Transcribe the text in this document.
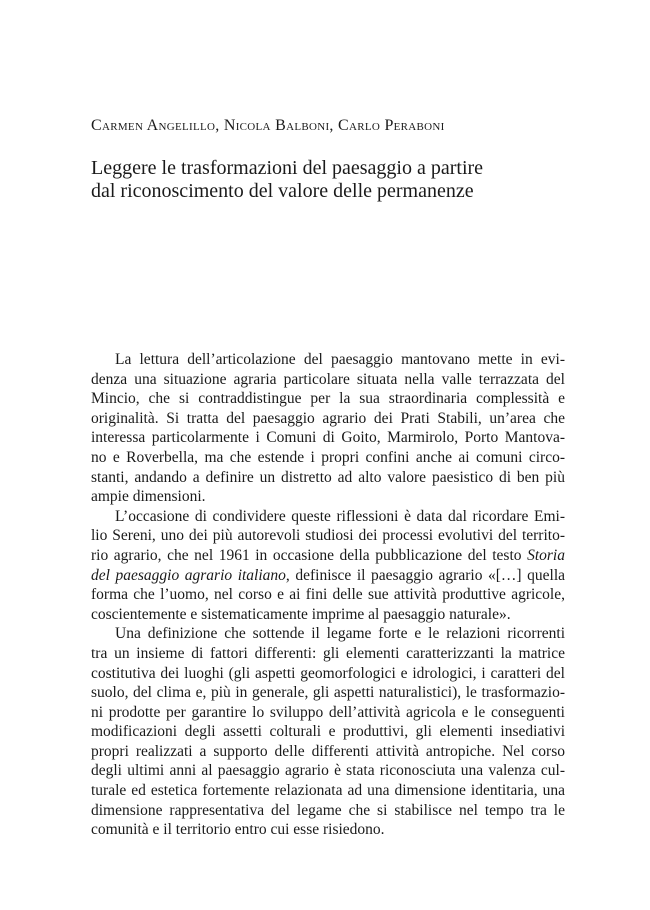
Carmen Angelillo, Nicola Balboni, Carlo Peraboni
Leggere le trasformazioni del paesaggio a partire
dal riconoscimento del valore delle permanenze
La lettura dell’articolazione del paesaggio mantovano mette in evi-
denza una situazione agraria particolare situata nella valle terrazzata del
Mincio, che si contraddistingue per la sua straordinaria complessità e
originalità. Si tratta del paesaggio agrario dei Prati Stabili, un’area che
interessa particolarmente i Comuni di Goito, Marmirolo, Porto Mantova-
no e Roverbella, ma che estende i propri confini anche ai comuni circo-
stanti, andando a definire un distretto ad alto valore paesistico di ben più
ampie dimensioni.
L’occasione di condividere queste riflessioni è data dal ricordare Emi-
lio Sereni, uno dei più autorevoli studiosi dei processi evolutivi del territo-
rio agrario, che nel 1961 in occasione della pubblicazione del testo Storia
del paesaggio agrario italiano, definisce il paesaggio agrario «[…] quella
forma che l’uomo, nel corso e ai fini delle sue attività produttive agricole,
coscientemente e sistematicamente imprime al paesaggio naturale».
Una definizione che sottende il legame forte e le relazioni ricorrenti
tra un insieme di fattori differenti: gli elementi caratterizzanti la matrice
costitutiva dei luoghi (gli aspetti geomorfologici e idrologici, i caratteri del
suolo, del clima e, più in generale, gli aspetti naturalistici), le trasformazio-
ni prodotte per garantire lo sviluppo dell’attività agricola e le conseguenti
modificazioni degli assetti colturali e produttivi, gli elementi insediativi
propri realizzati a supporto delle differenti attività antropiche. Nel corso
degli ultimi anni al paesaggio agrario è stata riconosciuta una valenza cul-
turale ed estetica fortemente relazionata ad una dimensione identitaria, una
dimensione rappresentativa del legame che si stabilisce nel tempo tra le
comunità e il territorio entro cui esse risiedono.
